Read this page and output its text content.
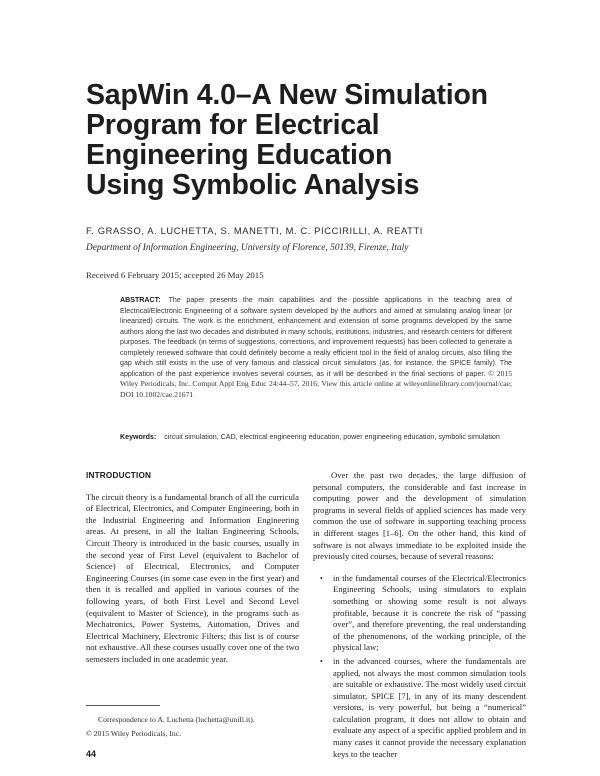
SapWin 4.0–A New Simulation
Program for Electrical
Engineering Education
Using Symbolic Analysis
F. GRASSO, A. LUCHETTA, S. MANETTI, M. C. PICCIRILLI, A. REATTI
Department of Information Engineering, University of Florence, 50139, Firenze, Italy
Received 6 February 2015; accepted 26 May 2015
ABSTRACT: The paper presents the main capabilities and the possible applications in the teaching area of Electrical/Electronic Engineering of a software system developed by the authors and aimed at simulating analog linear (or linearized) circuits. The work is the enrichment, enhancement and extension of some programs developed by the same authors along the last two decades and distributed in many schools, institutions, industries, and research centers for different purposes. The feedback (in terms of suggestions, corrections, and improvement requests) has been collected to generate a completely renewed software that could definitely become a really efficient tool in the field of analog circuits, also filling the gap which still exists in the use of very famous and classical circuit simulators (as, for instance, the SPICE family). The application of the past experience involves several courses, as it will be described in the final sections of paper. © 2015 Wiley Periodicals, Inc. Comput Appl Eng Educ 24:44–57, 2016; View this article online at wileyonlinelibrary.com/journal/cae; DOI 10.1002/cae.21671
Keywords: circuit simulation, CAD, electrical engineering education, power engineering education, symbolic simulation
INTRODUCTION

The circuit theory is a fundamental branch of all the curricula of Electrical, Electronics, and Computer Engineering, both in the Industrial Engineering and Information Engineering areas. At present, in all the Italian Engineering Schools, Circuit Theory is introduced in the basic courses, usually in the second year of First Level (equivalent to Bachelor of Science) of Electrical, Electronics, and Computer Engineering Courses (in some case even in the first year) and then it is recalled and applied in various courses of the following years, of both First Level and Second Level (equivalent to Master of Science), in the programs such as Mechatronics, Power Systems, Automation, Drives and Electrical Machinery, Electronic Filters; this list is of course not exhaustive. All these courses usually cover one of the two semesters included in one academic year.

Over the past two decades, the large diffusion of personal computers, the considerable and fast increase in computing power and the development of simulation programs in several fields of applied sciences has made very common the use of software in supporting teaching process in different stages [1–6]. On the other hand, this kind of software is not always immediate to be exploited inside the previously cited courses, because of several reasons:

• in the fundamental courses of the Electrical/Electronics Engineering Schools, using simulators to explain something or showing some result is not always profitable, because it is concrete the risk of “passing over”, and therefore preventing, the real understanding of the phenomenons, of the working principle, of the physical law;
• in the advanced courses, where the fundamentals are applied, not always the most common simulation tools are suitable or exhaustive. The most widely used circuit simulator, SPICE [7], in any of its many descendent versions, is very powerful, but being a “numerical” calculation program, it does not allow to obtain and evaluate any aspect of a specific applied problem and in many cases it cannot provide the necessary explanation keys to the teacher
Correspondence to A. Luchetta (luchetta@unifi.it).
© 2015 Wiley Periodicals, Inc.
44
